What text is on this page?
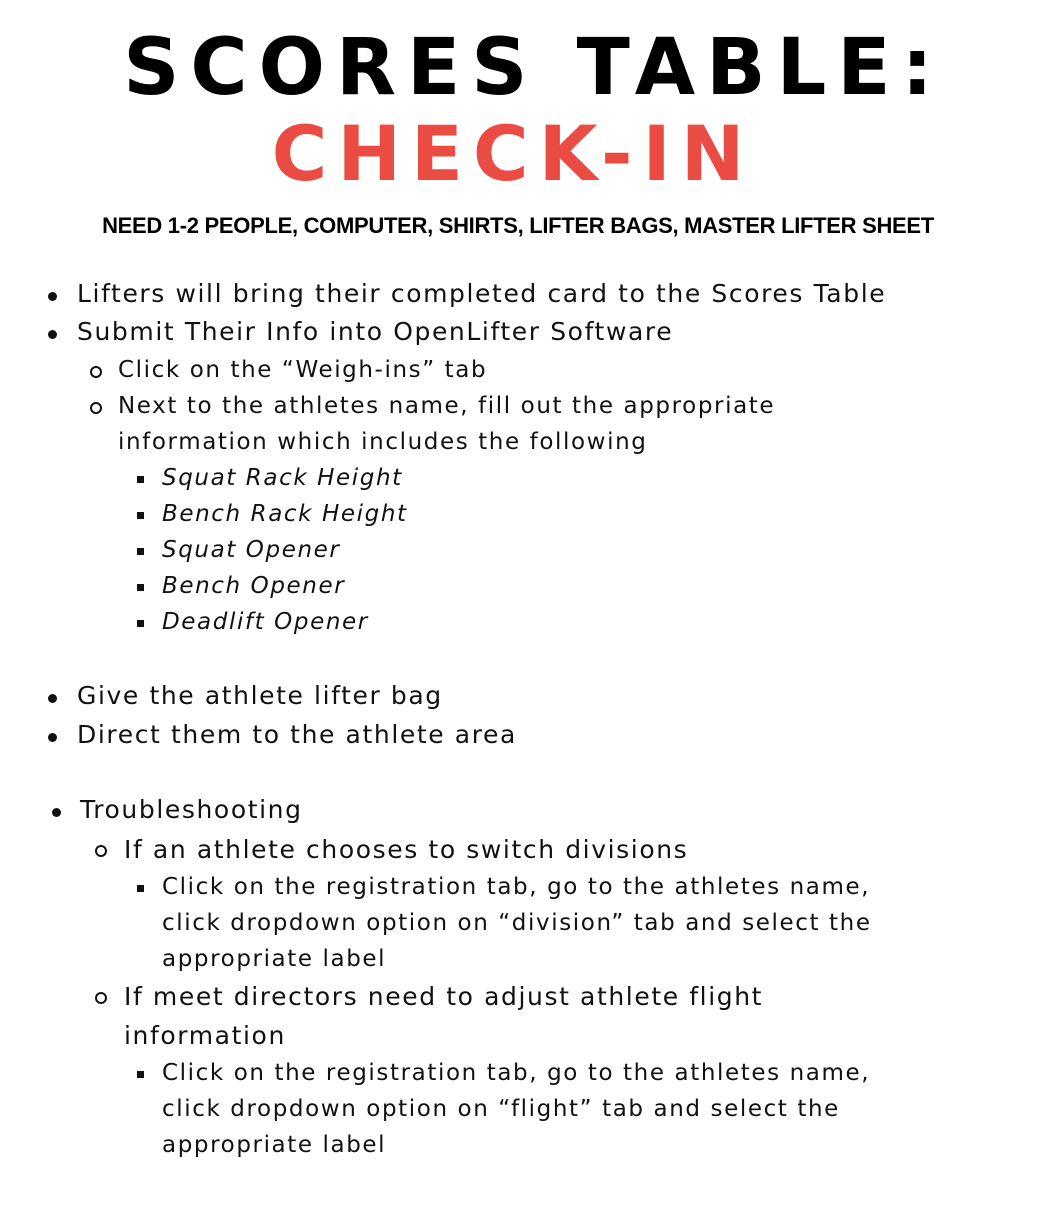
SCORES TABLE:
CHECK-IN
NEED 1-2 PEOPLE, COMPUTER, SHIRTS, LIFTER BAGS, MASTER LIFTER SHEET
Lifters will bring their completed card to the Scores Table
Submit Their Info into OpenLifter Software
Click on the “Weigh-ins” tab
Next to the athletes name, fill out the appropriate
information which includes the following
Squat Rack Height
Bench Rack Height
Squat Opener
Bench Opener
Deadlift Opener
Give the athlete lifter bag
Direct them to the athlete area
Troubleshooting
If an athlete chooses to switch divisions
Click on the registration tab, go to the athletes name,
click dropdown option on “division” tab and select the
appropriate label
If meet directors need to adjust athlete flight
information
Click on the registration tab, go to the athletes name,
click dropdown option on “flight” tab and select the
appropriate label
